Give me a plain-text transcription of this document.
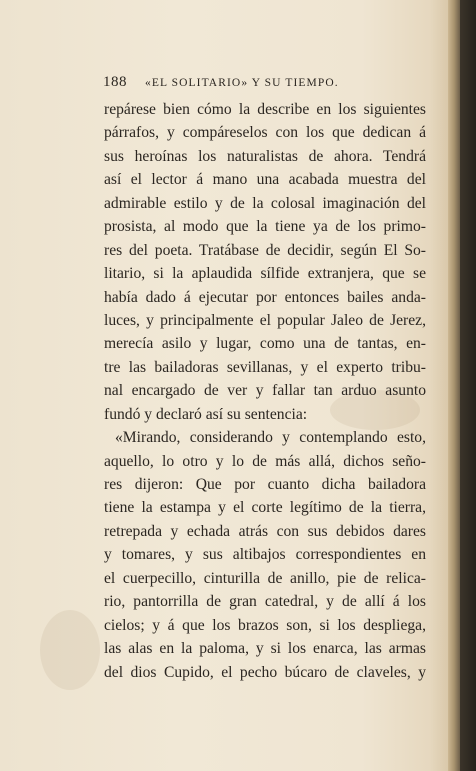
188 «EL SOLITARIO» Y SU TIEMPO.
repárese bien cómo la describe en los siguientes
párrafos, y compáreselos con los que dedican á
sus heroínas los naturalistas de ahora. Tendrá
así el lector á mano una acabada muestra del
admirable estilo y de la colosal imaginación del
prosista, al modo que la tiene ya de los primo-
res del poeta. Tratábase de decidir, según El So-
litario, si la aplaudida sílfide extranjera, que se
había dado á ejecutar por entonces bailes anda-
luces, y principalmente el popular Jaleo de Jerez,
merecía asilo y lugar, como una de tantas, en-
tre las bailadoras sevillanas, y el experto tribu-
nal encargado de ver y fallar tan arduo asunto
fundó y declaró así su sentencia:
«Mirando, considerando y contemplando esto,
aquello, lo otro y lo de más allá, dichos seño-
res dijeron: Que por cuanto dicha bailadora
tiene la estampa y el corte legítimo de la tierra,
retrepada y echada atrás con sus debidos dares
y tomares, y sus altibajos correspondientes en
el cuerpecillo, cinturilla de anillo, pie de relica-
rio, pantorrilla de gran catedral, y de allí á los
cielos; y á que los brazos son, si los despliega,
las alas en la paloma, y si los enarca, las armas
del dios Cupido, el pecho búcaro de claveles, y
